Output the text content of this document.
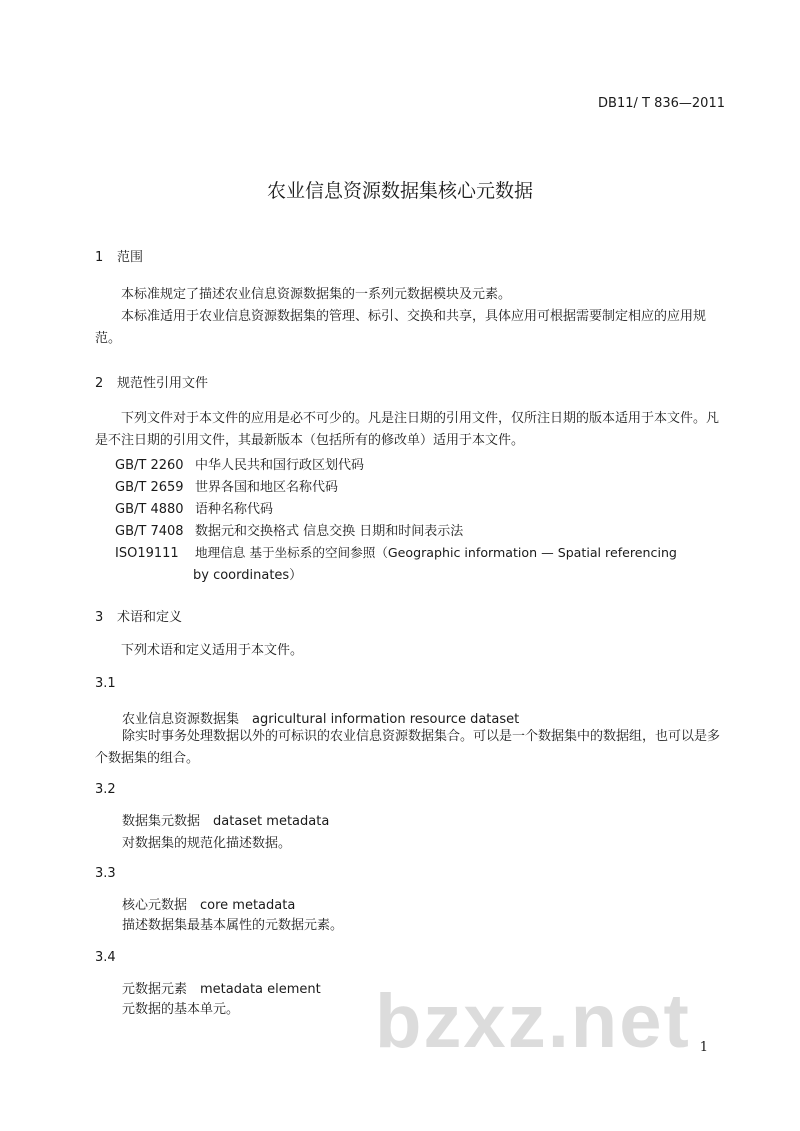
DB11/ T 836—2011
农业信息资源数据集核心元数据
1 范围
本标准规定了描述农业信息资源数据集的一系列元数据模块及元素。
本标准适用于农业信息资源数据集的管理、标引、交换和共享，具体应用可根据需要制定相应的应用规范。
2 规范性引用文件
下列文件对于本文件的应用是必不可少的。凡是注日期的引用文件，仅所注日期的版本适用于本文件。凡是不注日期的引用文件，其最新版本（包括所有的修改单）适用于本文件。
GB/T 2260 中华人民共和国行政区划代码
GB/T 2659 世界各国和地区名称代码
GB/T 4880 语种名称代码
GB/T 7408 数据元和交换格式 信息交换 日期和时间表示法
ISO19111 地理信息 基于坐标系的空间参照（Geographic information — Spatial referencing
by coordinates）
3 术语和定义
下列术语和定义适用于本文件。
3.1
农业信息资源数据集　agricultural information resource dataset
除实时事务处理数据以外的可标识的农业信息资源数据集合。可以是一个数据集中的数据组，也可以是多个数据集的组合。
3.2
数据集元数据　dataset metadata
对数据集的规范化描述数据。
3.3
核心元数据　core metadata
描述数据集最基本属性的元数据元素。
3.4
元数据元素　metadata element
元数据的基本单元。 bzxz.net 1
